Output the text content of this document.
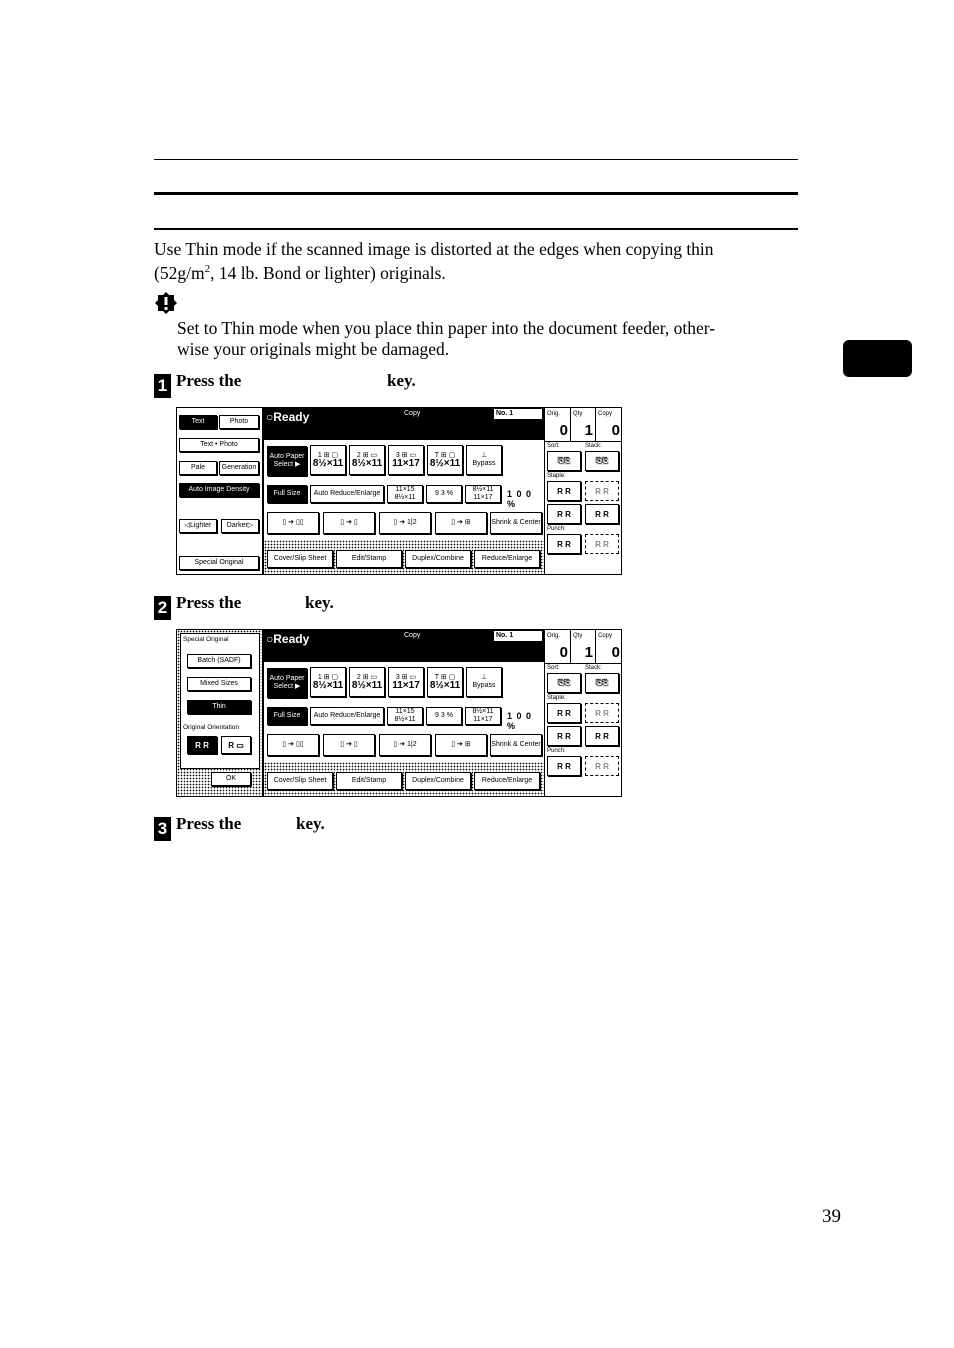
Use Thin mode if the scanned image is distorted at the edges when copying thin
($52g/m^2$, 14 lb. Bond or lighter) originals.
Set to Thin mode when you place thin paper into the document feeder, other-
wise your originals might be damaged.
1 Press the	key.
Text	Photo
Text • Photo
Pale	Generation
Auto Image Density
◁Lighter	Darker▷
Special Original
○Ready	Copy	No. 1
Auto Paper Select ▶
1 ⊞ ▢
8½×11
2 ⊞ ▭
8½×11
3 ⊞ ▭
11×17
T ⊞ ▢
8½×11
⊥
Bypass
Full Size	Auto Reduce/Enlarge
11×15 8½×11
9 3 %
8½×11 11×17	1 0 0 %
▯ ➔ ▯▯	▯ ➔ ▯	▯ ➔ 1|2	▯ ➔ ⊞	Shrink & Center
Cover/Slip Sheet	Edit/Stamp	Duplex/Combine	Reduce/Enlarge
Orig.
0
Qty
1
Copy
0
Sort:	Stack:
⎘⎘	⎘⎘
Staple:
R R	R R
R R	R R
Punch:
R R	R R
2 Press the	key.
Special Original
Batch (SADF)
Mixed Sizes
Thin
Original Orientation
R R	R ▭
OK
○Ready	Copy	No. 1
Auto Paper Select ▶
1 ⊞ ▢
8½×11
2 ⊞ ▭
8½×11
3 ⊞ ▭
11×17
T ⊞ ▢
8½×11
⊥
Bypass
Full Size	Auto Reduce/Enlarge
11×15 8½×11
9 3 %
8½×11 11×17	1 0 0 %
▯ ➔ ▯▯	▯ ➔ ▯	▯ ➔ 1|2	▯ ➔ ⊞	Shrink & Center
Cover/Slip Sheet	Edit/Stamp	Duplex/Combine	Reduce/Enlarge
Orig.
0
Qty
1
Copy
0
Sort:	Stack:
⎘⎘	⎘⎘
Staple:
R R	R R
R R	R R
Punch:
R R	R R
3 Press the	key.
39
